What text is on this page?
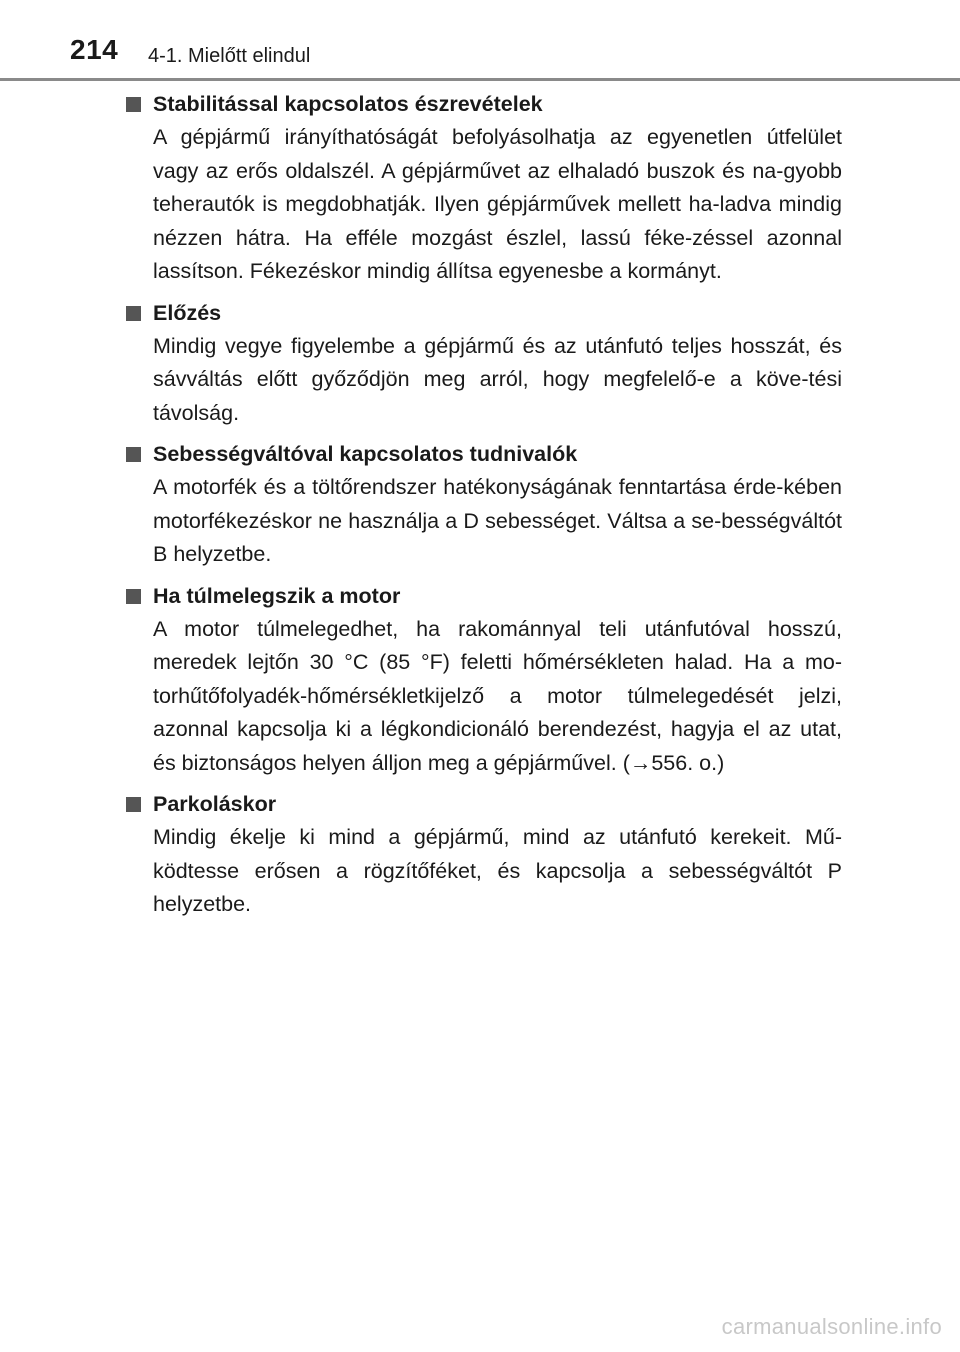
214 4-1. Mielőtt elindul
Stabilitással kapcsolatos észrevételek

A gépjármű irányíthatóságát befolyásolhatja az egyenetlen útfelület vagy az erős oldalszél. A gépjárművet az elhaladó buszok és na-gyobb teherautók is megdobhatják. Ilyen gépjárművek mellett ha-ladva mindig nézzen hátra. Ha efféle mozgást észlel, lassú féke-zéssel azonnal lassítson. Fékezéskor mindig állítsa egyenesbe a kormányt.

Előzés

Mindig vegye figyelembe a gépjármű és az utánfutó teljes hosszát, és sávváltás előtt győződjön meg arról, hogy megfelelő-e a köve-tési távolság.

Sebességváltóval kapcsolatos tudnivalók

A motorfék és a töltőrendszer hatékonyságának fenntartása érde-kében motorfékezéskor ne használja a D sebességet. Váltsa a se-bességváltót B helyzetbe.

Ha túlmelegszik a motor

A motor túlmelegedhet, ha rakománnyal teli utánfutóval hosszú, meredek lejtőn 30 °C (85 °F) feletti hőmérsékleten halad. Ha a mo-torhűtőfolyadék-hőmérsékletkijelző a motor túlmelegedését jelzi, azonnal kapcsolja ki a légkondicionáló berendezést, hagyja el az utat, és biztonságos helyen álljon meg a gépjárművel. (→556. o.)

Parkoláskor

Mindig ékelje ki mind a gépjármű, mind az utánfutó kerekeit. Mű-ködtesse erősen a rögzítőféket, és kapcsolja a sebességváltót P helyzetbe.

carmanualsonline.info
